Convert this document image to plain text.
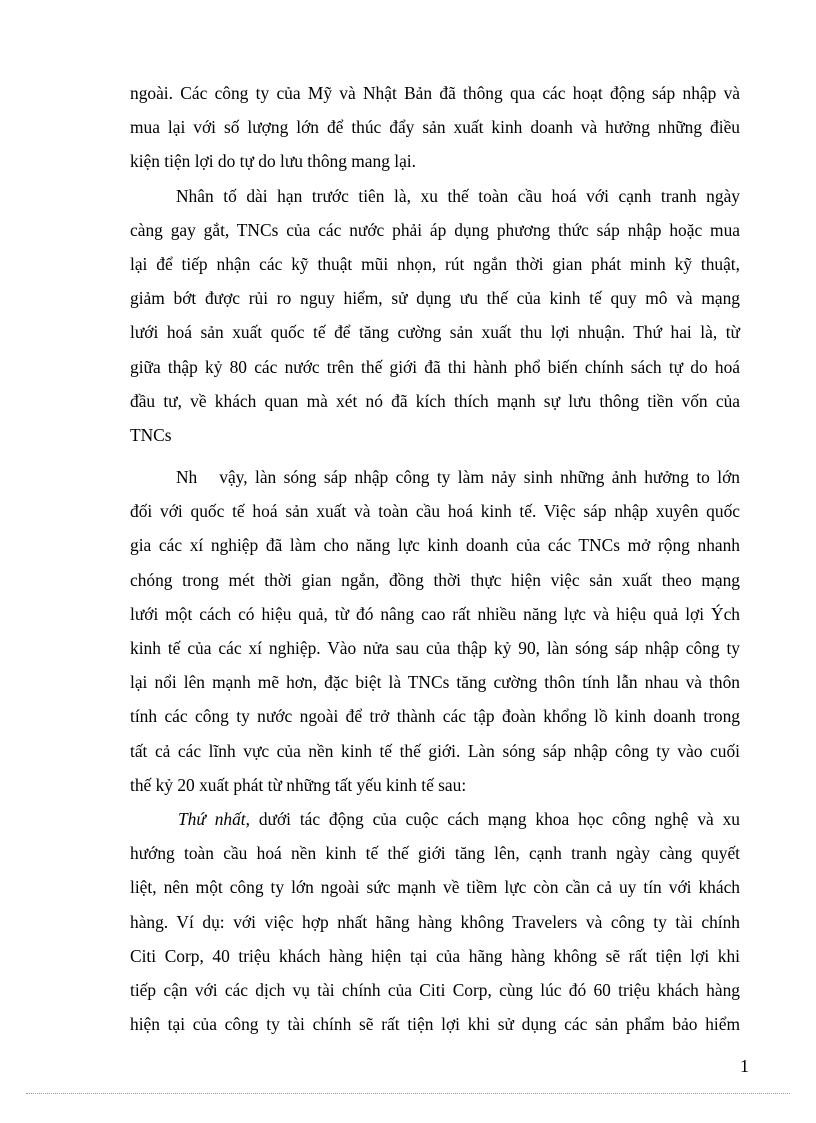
ngoài. Các công ty của Mỹ và Nhật Bản đã thông qua các hoạt động sáp nhập và
mua lại với số lượng lớn để thúc đẩy sản xuất kinh doanh và hưởng những điều
kiện tiện lợi do tự do lưu thông mang lại.
Nhân tố dài hạn trước tiên là, xu thế toàn cầu hoá với cạnh tranh ngày
càng gay gắt, TNCs của các nước phải áp dụng phương thức sáp nhập hoặc mua
lại để tiếp nhận các kỹ thuật mũi nhọn, rút ngắn thời gian phát minh kỹ thuật,
giảm bớt được rủi ro nguy hiểm, sử dụng ưu thế của kinh tế quy mô và mạng
lưới hoá sản xuất quốc tế để tăng cường sản xuất thu lợi nhuận. Thứ hai là, từ
giữa thập kỷ 80 các nước trên thế giới đã thi hành phổ biến chính sách tự do hoá
đầu tư, về khách quan mà xét nó đã kích thích mạnh sự lưu thông tiền vốn của
TNCs
Nh vậy, làn sóng sáp nhập công ty làm nảy sinh những ảnh hưởng to lớn
đối với quốc tế hoá sản xuất và toàn cầu hoá kinh tế. Việc sáp nhập xuyên quốc
gia các xí nghiệp đã làm cho năng lực kinh doanh của các TNCs mở rộng nhanh
chóng trong mét thời gian ngắn, đồng thời thực hiện việc sản xuất theo mạng
lưới một cách có hiệu quả, từ đó nâng cao rất nhiều năng lực và hiệu quả lợi Ých
kinh tế của các xí nghiệp. Vào nửa sau của thập kỷ 90, làn sóng sáp nhập công ty
lại nổi lên mạnh mẽ hơn, đặc biệt là TNCs tăng cường thôn tính lẫn nhau và thôn
tính các công ty nước ngoài để trở thành các tập đoàn khổng lồ kinh doanh trong
tất cả các lĩnh vực của nền kinh tế thế giới. Làn sóng sáp nhập công ty vào cuối
thế kỷ 20 xuất phát từ những tất yếu kinh tế sau:
Thứ nhất, dưới tác động của cuộc cách mạng khoa học công nghệ và xu
hướng toàn cầu hoá nền kinh tế thế giới tăng lên, cạnh tranh ngày càng quyết
liệt, nên một công ty lớn ngoài sức mạnh về tiềm lực còn cần cả uy tín với khách
hàng. Ví dụ: với việc hợp nhất hãng hàng không Travelers và công ty tài chính
Citi Corp, 40 triệu khách hàng hiện tại của hãng hàng không sẽ rất tiện lợi khi
tiếp cận với các dịch vụ tài chính của Citi Corp, cùng lúc đó 60 triệu khách hàng
hiện tại của công ty tài chính sẽ rất tiện lợi khi sử dụng các sản phẩm bảo hiểm
1
